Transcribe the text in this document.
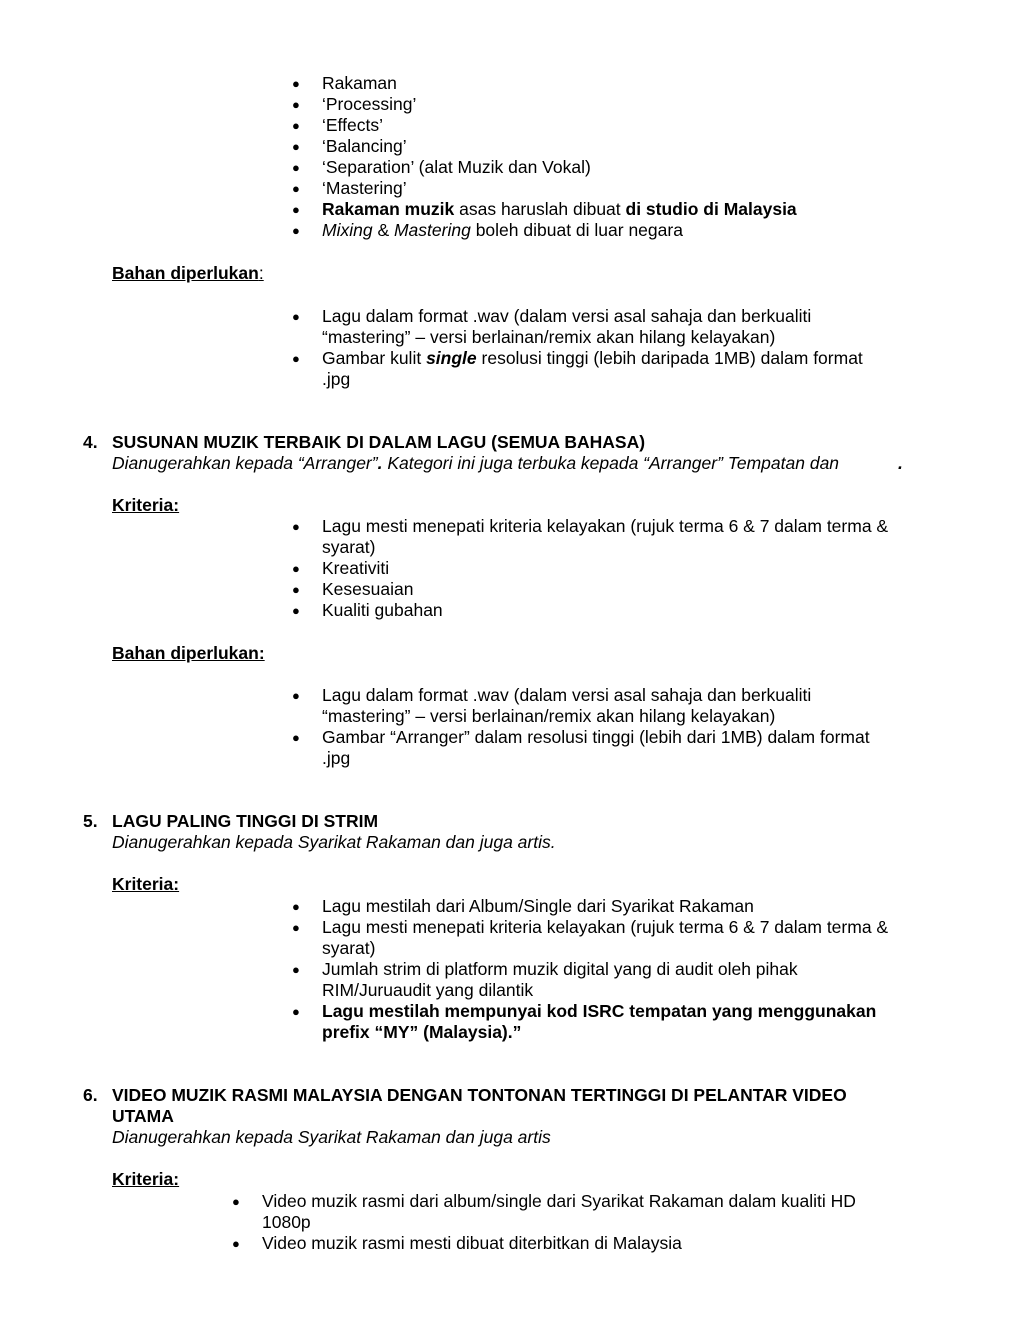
● Rakaman
● ‘Processing’
● ‘Effects’
● ‘Balancing’
● ‘Separation’ (alat Muzik dan Vokal)
● ‘Mastering’
● Rakaman muzik asas haruslah dibuat di studio di Malaysia
● Mixing & Mastering boleh dibuat di luar negara
Bahan diperlukan:
● Lagu dalam format .wav (dalam versi asal sahaja dan berkualiti
“mastering” – versi berlainan/remix akan hilang kelayakan)
● Gambar kulit single resolusi tinggi (lebih daripada 1MB) dalam format
.jpg
4. SUSUNAN MUZIK TERBAIK DI DALAM LAGU (SEMUA BAHASA)
Dianugerahkan kepada “Arranger”. Kategori ini juga terbuka kepada “Arranger” Tempatan dan	.
Kriteria:
● Lagu mesti menepati kriteria kelayakan (rujuk terma 6 & 7 dalam terma &
syarat)
● Kreativiti
● Kesesuaian
● Kualiti gubahan
Bahan diperlukan:
● Lagu dalam format .wav (dalam versi asal sahaja dan berkualiti
“mastering” – versi berlainan/remix akan hilang kelayakan)
● Gambar “Arranger” dalam resolusi tinggi (lebih dari 1MB) dalam format
.jpg
5. LAGU PALING TINGGI DI STRIM
Dianugerahkan kepada Syarikat Rakaman dan juga artis.
Kriteria:
● Lagu mestilah dari Album/Single dari Syarikat Rakaman
● Lagu mesti menepati kriteria kelayakan (rujuk terma 6 & 7 dalam terma &
syarat)
● Jumlah strim di platform muzik digital yang di audit oleh pihak
RIM/Juruaudit yang dilantik
● Lagu mestilah mempunyai kod ISRC tempatan yang menggunakan
prefix “MY” (Malaysia).”
6. VIDEO MUZIK RASMI MALAYSIA DENGAN TONTONAN TERTINGGI DI PELANTAR VIDEO
UTAMA
Dianugerahkan kepada Syarikat Rakaman dan juga artis
Kriteria:
● Video muzik rasmi dari album/single dari Syarikat Rakaman dalam kualiti HD
1080p
● Video muzik rasmi mesti dibuat diterbitkan di Malaysia
